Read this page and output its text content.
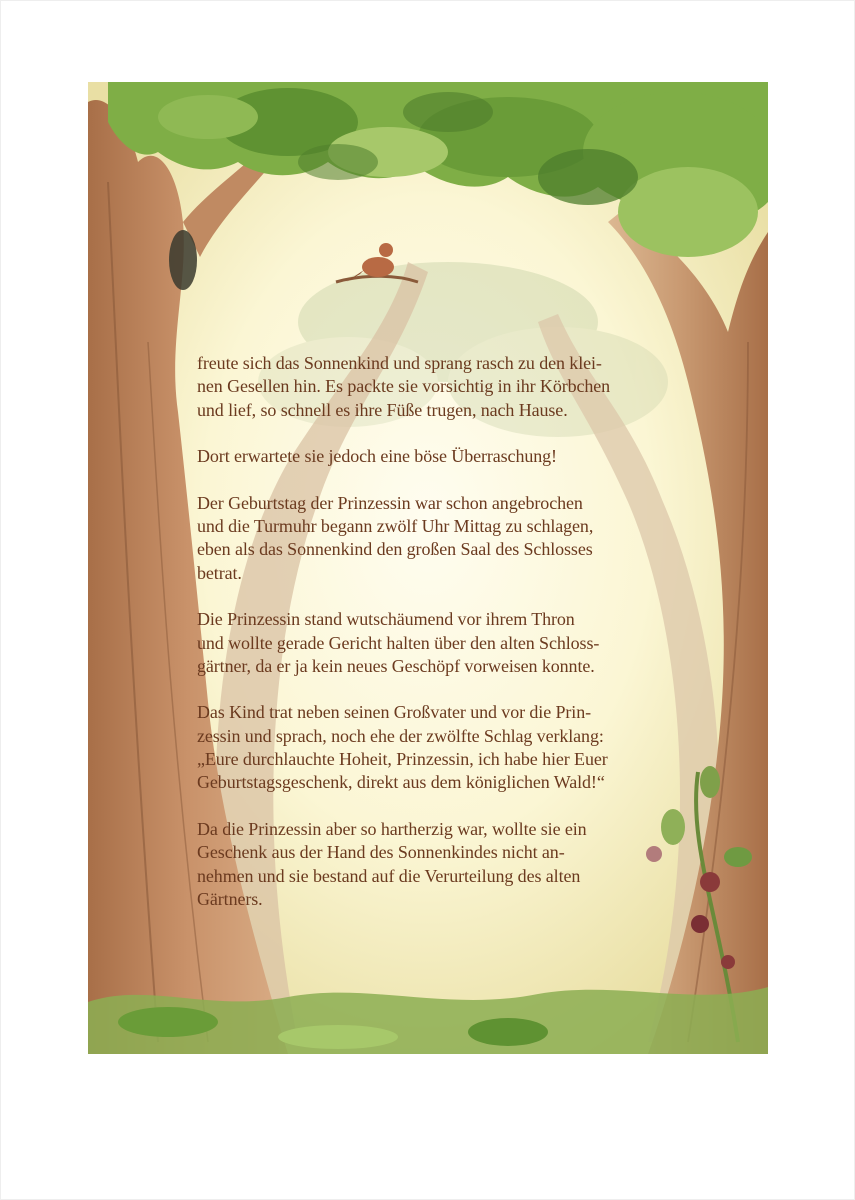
freute sich das Sonnenkind und sprang rasch zu den klei-
nen Gesellen hin. Es packte sie vorsichtig in ihr Körbchen
und lief, so schnell es ihre Füße trugen, nach Hause.

Dort erwartete sie jedoch eine böse Überraschung!

Der Geburtstag der Prinzessin war schon angebrochen
und die Turmuhr begann zwölf Uhr Mittag zu schlagen,
eben als das Sonnenkind den großen Saal des Schlosses
betrat.

Die Prinzessin stand wutschäumend vor ihrem Thron
und wollte gerade Gericht halten über den alten Schloss-
gärtner, da er ja kein neues Geschöpf vorweisen konnte.

Das Kind trat neben seinen Großvater und vor die Prin-
zessin und sprach, noch ehe der zwölfte Schlag verklang:
„Eure durchlauchte Hoheit, Prinzessin, ich habe hier Euer
Geburtstagsgeschenk, direkt aus dem königlichen Wald!“

Da die Prinzessin aber so hartherzig war, wollte sie ein
Geschenk aus der Hand des Sonnenkindes nicht an-
nehmen und sie bestand auf die Verurteilung des alten
Gärtners.
